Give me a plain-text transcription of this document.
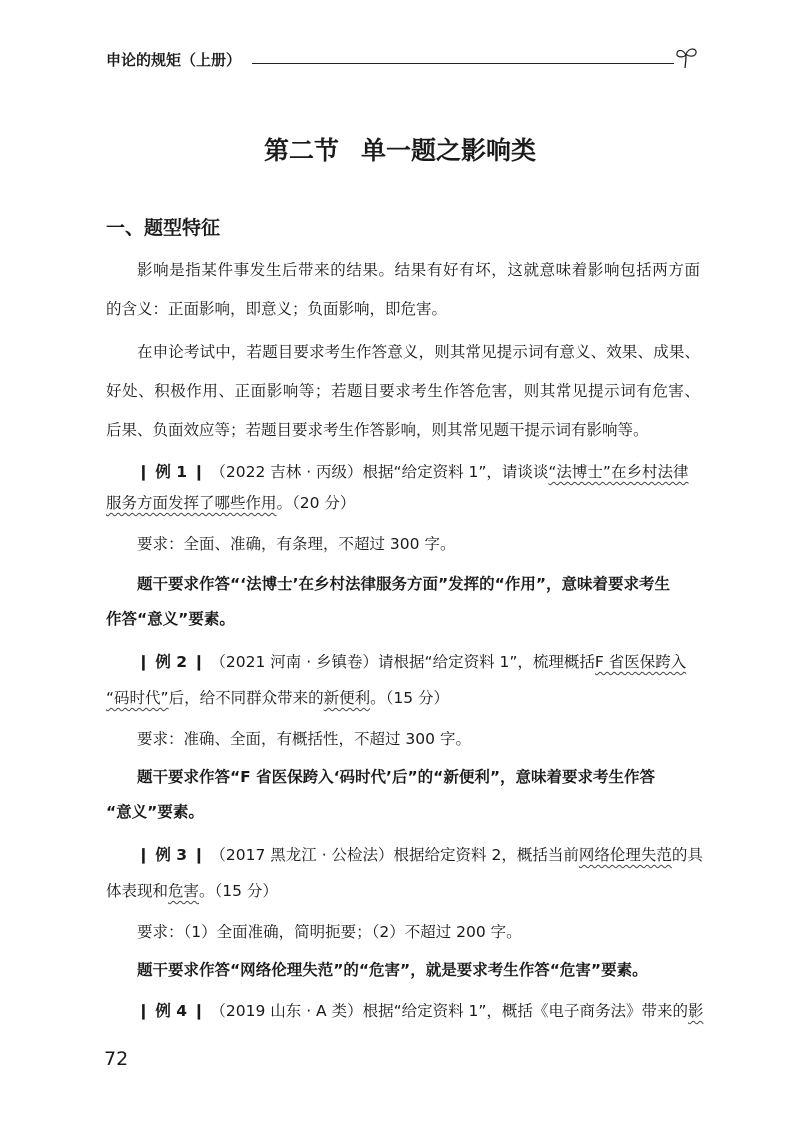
申论的规矩（上册）
第二节 单一题之影响类
一、题型特征
影响是指某件事发生后带来的结果。结果有好有坏，这就意味着影响包括两方面
的含义：正面影响，即意义；负面影响，即危害。
在申论考试中，若题目要求考生作答意义，则其常见提示词有意义、效果、成果、
好处、积极作用、正面影响等；若题目要求考生作答危害，则其常见提示词有危害、
后果、负面效应等；若题目要求考生作答影响，则其常见题干提示词有影响等。
❙ 例 1 ❙ （2022 吉林 · 丙级）根据“给定资料 1”，请谈谈“法博士”在乡村法律
服务方面发挥了哪些作用。（20 分）
要求：全面、准确，有条理，不超过 300 字。
题干要求作答“‘法博士’在乡村法律服务方面”发挥的“作用”，意味着要求考生
作答“意义”要素。
❙ 例 2 ❙ （2021 河南 · 乡镇卷）请根据“给定资料 1”，梳理概括F 省医保跨入
“码时代”后，给不同群众带来的新便利。（15 分）
要求：准确、全面，有概括性，不超过 300 字。
题干要求作答“F 省医保跨入‘码时代’后”的“新便利”，意味着要求考生作答
“意义”要素。
❙ 例 3 ❙ （2017 黑龙江 · 公检法）根据给定资料 2，概括当前网络伦理失范的具
体表现和危害。（15 分）
要求：（1）全面准确，简明扼要；（2）不超过 200 字。
题干要求作答“网络伦理失范”的“危害”，就是要求考生作答“危害”要素。
❙ 例 4 ❙ （2019 山东 · A 类）根据“给定资料 1”，概括《电子商务法》带来的影
72
